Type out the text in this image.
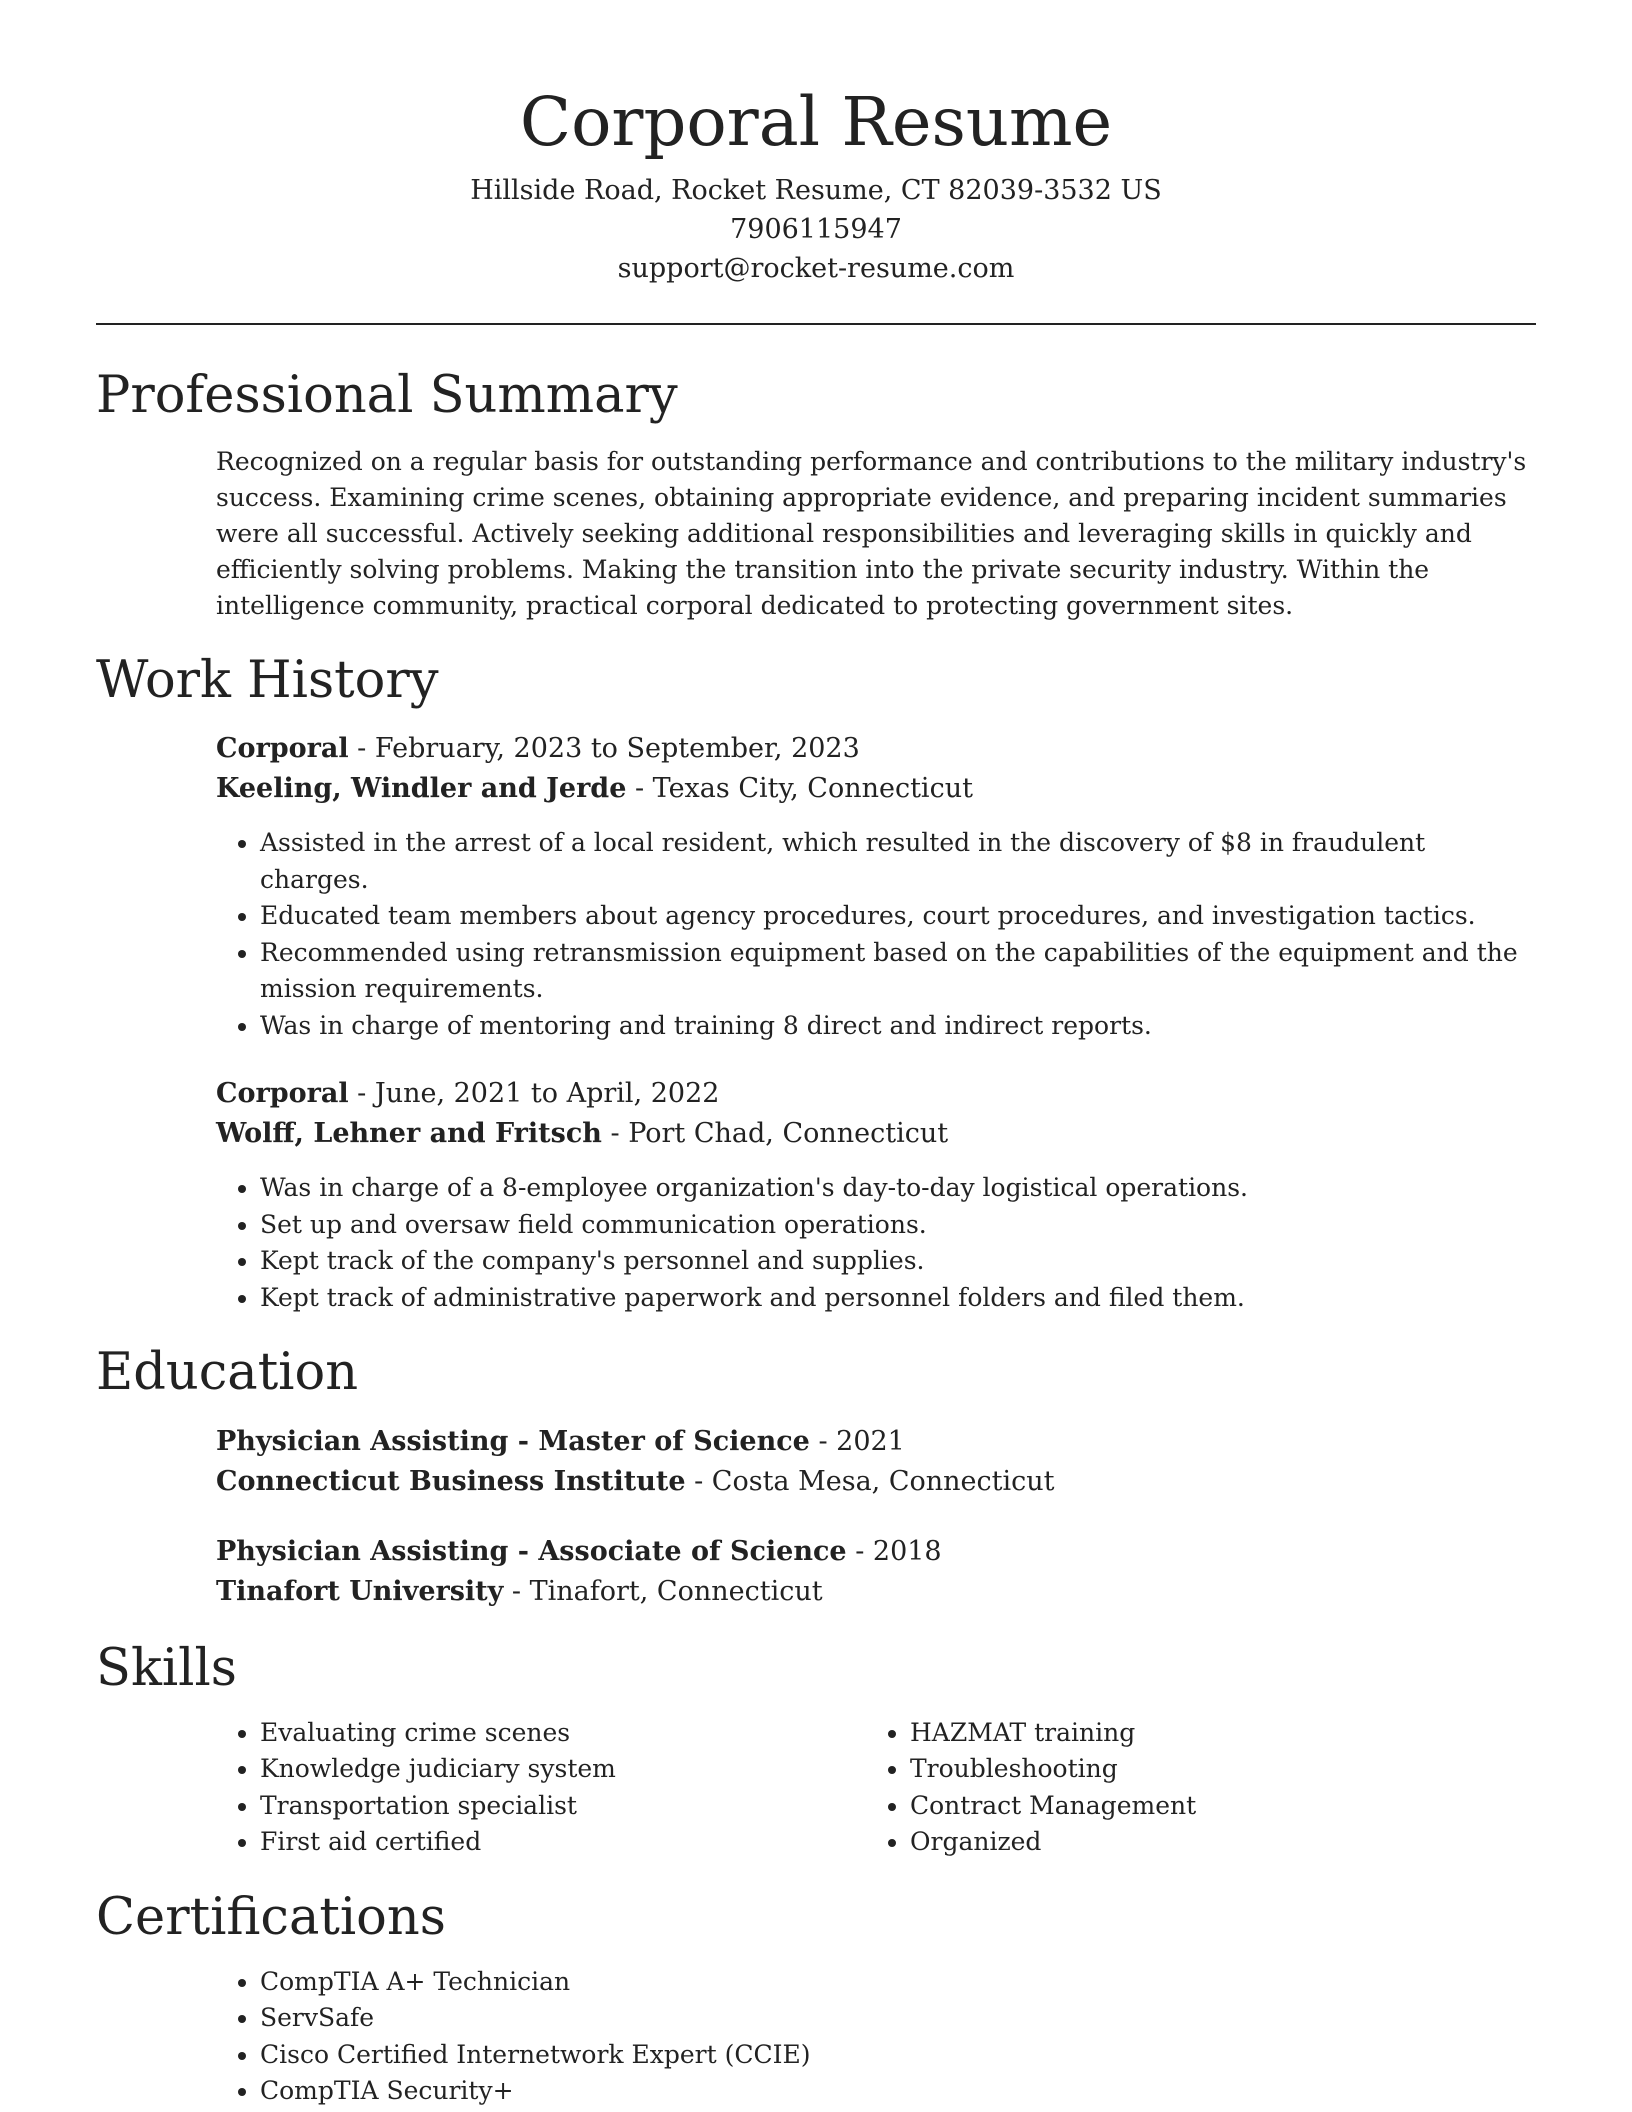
Corporal Resume
Hillside Road, Rocket Resume, CT 82039-3532 US
7906115947
support@rocket-resume.com
Professional Summary

Recognized on a regular basis for outstanding performance and contributions to the military industry's success. Examining crime scenes, obtaining appropriate evidence, and preparing incident summaries were all successful. Actively seeking additional responsibilities and leveraging skills in quickly and efficiently solving problems. Making the transition into the private security industry. Within the intelligence community, practical corporal dedicated to protecting government sites.

Work History
Corporal - February, 2023 to September, 2023
Keeling, Windler and Jerde - Texas City, Connecticut
• Assisted in the arrest of a local resident, which resulted in the discovery of $8 in fraudulent charges.
• Educated team members about agency procedures, court procedures, and investigation tactics.
• Recommended using retransmission equipment based on the capabilities of the equipment and the mission requirements.
• Was in charge of mentoring and training 8 direct and indirect reports.
Corporal - June, 2021 to April, 2022
Wolff, Lehner and Fritsch - Port Chad, Connecticut
• Was in charge of a 8-employee organization's day-to-day logistical operations.
• Set up and oversaw field communication operations.
• Kept track of the company's personnel and supplies.
• Kept track of administrative paperwork and personnel folders and filed them.
Education
Physician Assisting - Master of Science - 2021
Connecticut Business Institute - Costa Mesa, Connecticut
Physician Assisting - Associate of Science - 2018
Tinafort University - Tinafort, Connecticut
Skills
• Evaluating crime scenes
• Knowledge judiciary system
• Transportation specialist
• First aid certified
• HAZMAT training
• Troubleshooting
• Contract Management
• Organized
Certifications
• CompTIA A+ Technician
• ServSafe
• Cisco Certified Internetwork Expert (CCIE)
• CompTIA Security+
